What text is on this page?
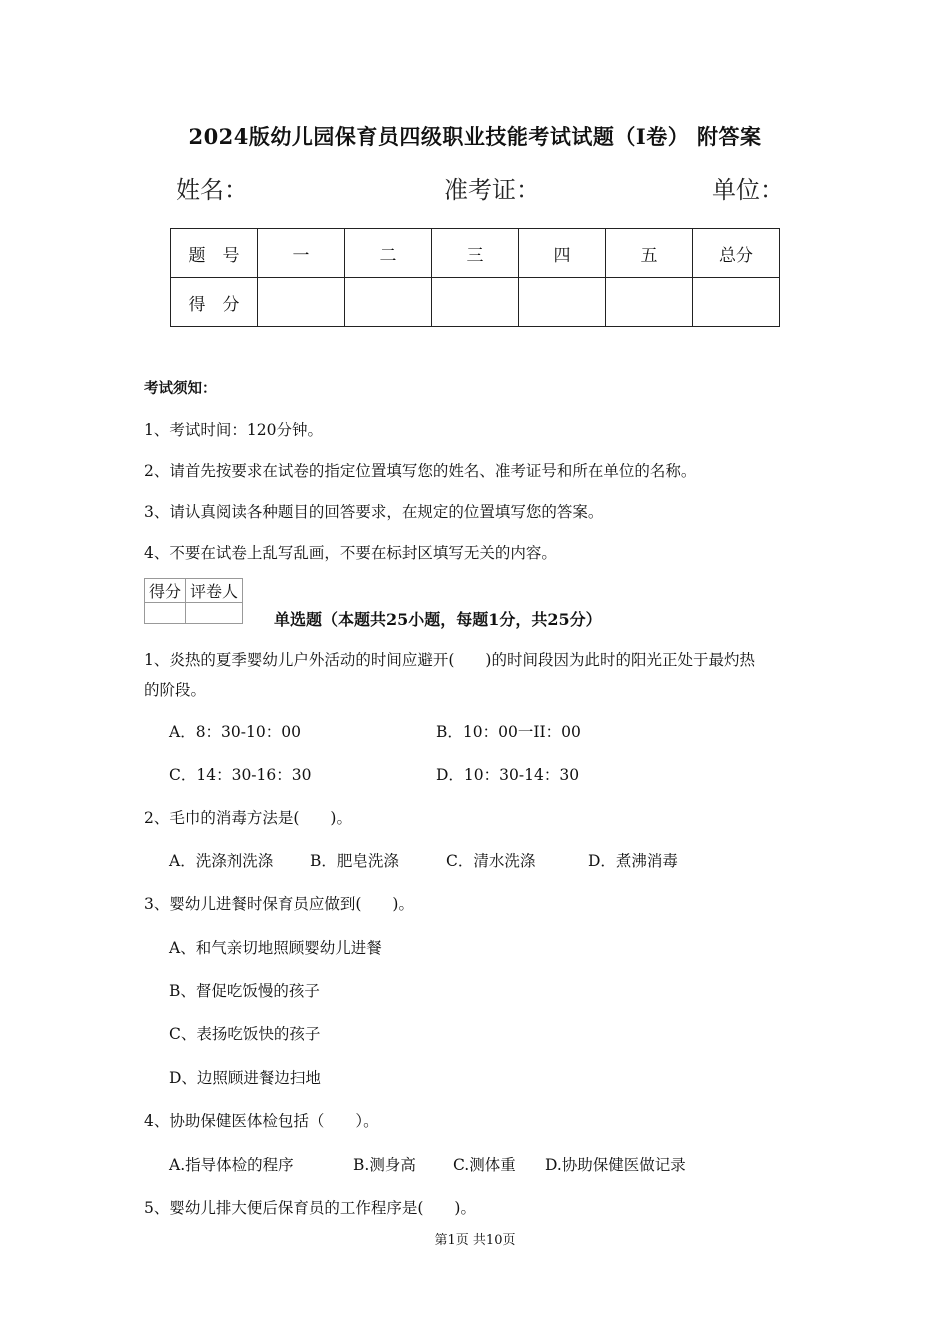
2024版幼儿园保育员四级职业技能考试试题（I卷） 附答案
姓名：	准考证：	单位：
题　号	一	二	三	四	五	总分
得　分						
考试须知：
1、考试时间：120分钟。
2、请首先按要求在试卷的指定位置填写您的姓名、准考证号和所在单位的名称。
3、请认真阅读各种题目的回答要求，在规定的位置填写您的答案。
4、不要在试卷上乱写乱画，不要在标封区填写无关的内容。
得分	评卷人

单选题（本题共25小题，每题1分，共25分）
1、炎热的夏季婴幼儿户外活动的时间应避开(　　)的时间段因为此时的阳光正处于最灼热
的阶段。
A．8：30-10：00	B．10：00一II：00
C．14：30-16：30	D．10：30-14：30
2、毛巾的消毒方法是(　　)。
A．洗涤剂洗涤 B．肥皂洗涤	C．清水洗涤	D．煮沸消毒
3、婴幼儿进餐时保育员应做到(　　)。
A、和气亲切地照顾婴幼儿进餐
B、督促吃饭慢的孩子
C、表扬吃饭快的孩子
D、边照顾进餐边扫地
4、协助保健医体检包括（　　）。
A.指导体检的程序	B.测身高 C.测体重 D.协助保健医做记录
5、婴幼儿排大便后保育员的工作程序是(　　)。
第1页 共10页
